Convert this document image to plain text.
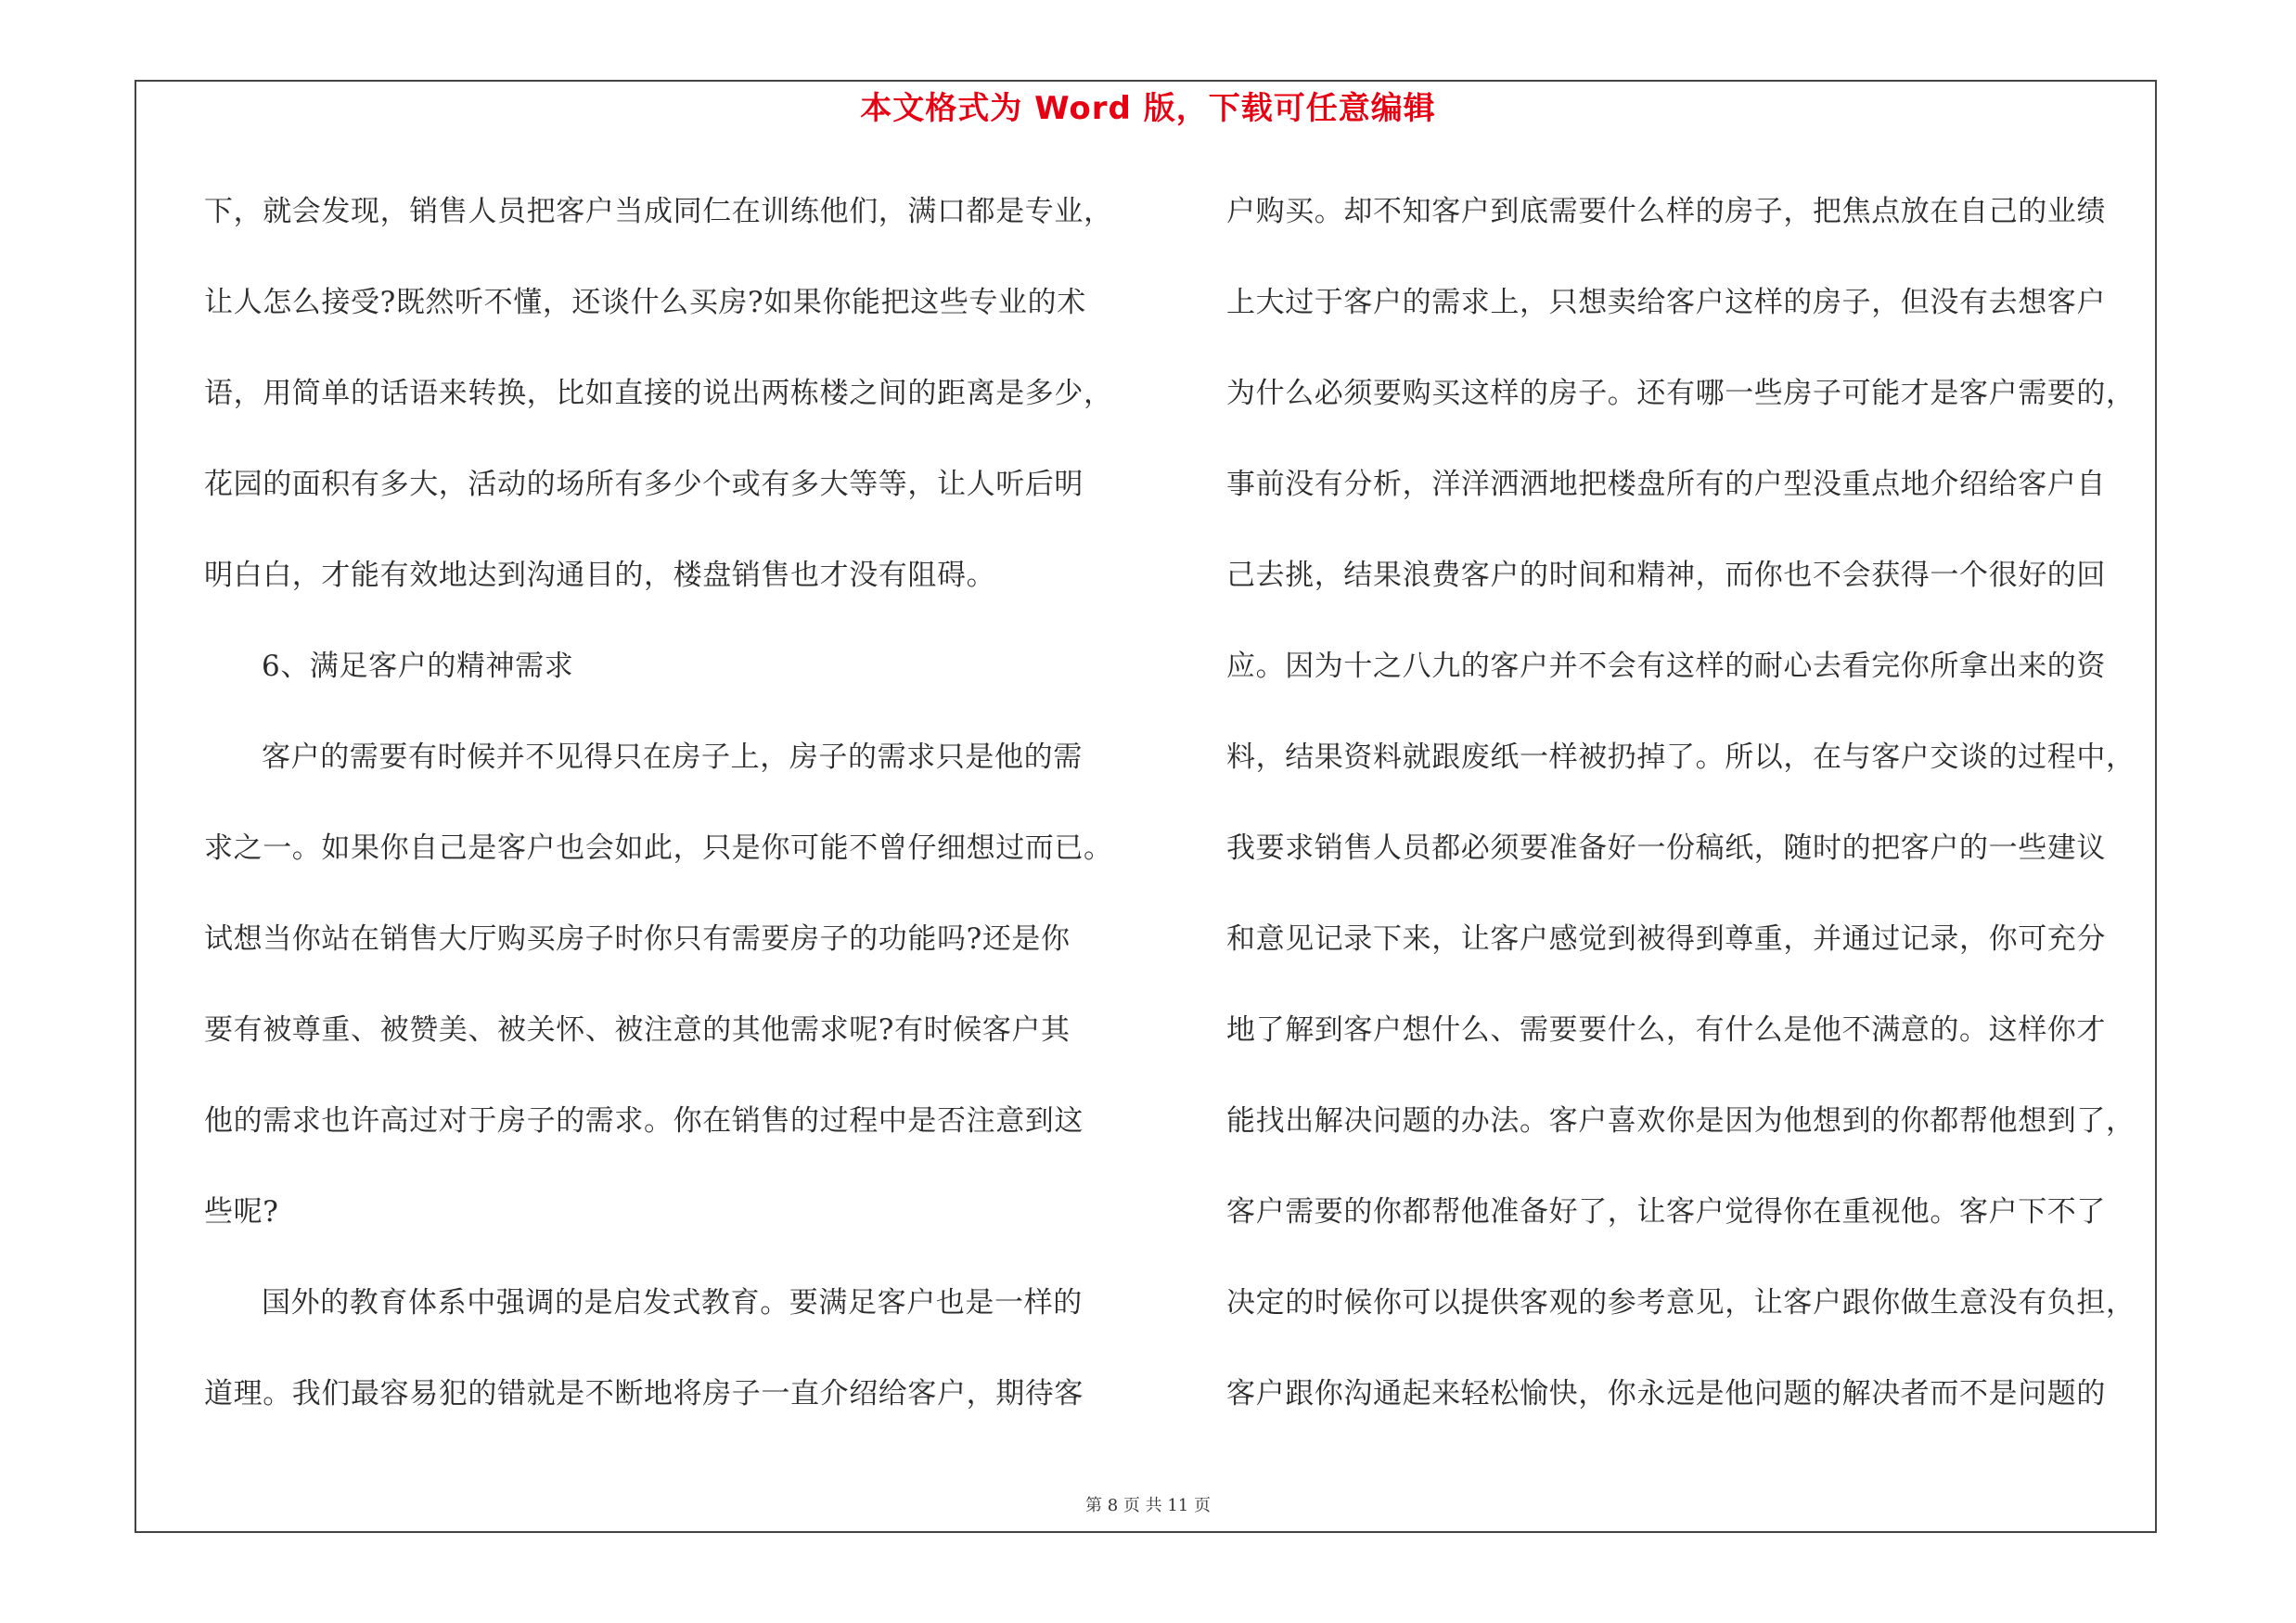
本文格式为 Word 版，下载可任意编辑
下，就会发现，销售人员把客户当成同仁在训练他们，满口都是专业，
让人怎么接受?既然听不懂，还谈什么买房?如果你能把这些专业的术
语，用简单的话语来转换，比如直接的说出两栋楼之间的距离是多少，
花园的面积有多大，活动的场所有多少个或有多大等等，让人听后明
明白白，才能有效地达到沟通目的，楼盘销售也才没有阻碍。
6、满足客户的精神需求
客户的需要有时候并不见得只在房子上，房子的需求只是他的需
求之一。如果你自己是客户也会如此，只是你可能不曾仔细想过而已。
试想当你站在销售大厅购买房子时你只有需要房子的功能吗?还是你
要有被尊重、被赞美、被关怀、被注意的其他需求呢?有时候客户其
他的需求也许高过对于房子的需求。你在销售的过程中是否注意到这
些呢?
国外的教育体系中强调的是启发式教育。要满足客户也是一样的
道理。我们最容易犯的错就是不断地将房子一直介绍给客户，期待客
户购买。却不知客户到底需要什么样的房子，把焦点放在自己的业绩
上大过于客户的需求上，只想卖给客户这样的房子，但没有去想客户
为什么必须要购买这样的房子。还有哪一些房子可能才是客户需要的，
事前没有分析，洋洋洒洒地把楼盘所有的户型没重点地介绍给客户自
己去挑，结果浪费客户的时间和精神，而你也不会获得一个很好的回
应。因为十之八九的客户并不会有这样的耐心去看完你所拿出来的资
料，结果资料就跟废纸一样被扔掉了。所以，在与客户交谈的过程中，
我要求销售人员都必须要准备好一份稿纸，随时的把客户的一些建议
和意见记录下来，让客户感觉到被得到尊重，并通过记录，你可充分
地了解到客户想什么、需要要什么，有什么是他不满意的。这样你才
能找出解决问题的办法。客户喜欢你是因为他想到的你都帮他想到了，
客户需要的你都帮他准备好了，让客户觉得你在重视他。客户下不了
决定的时候你可以提供客观的参考意见，让客户跟你做生意没有负担，
客户跟你沟通起来轻松愉快，你永远是他问题的解决者而不是问题的
第 8 页 共 11 页
